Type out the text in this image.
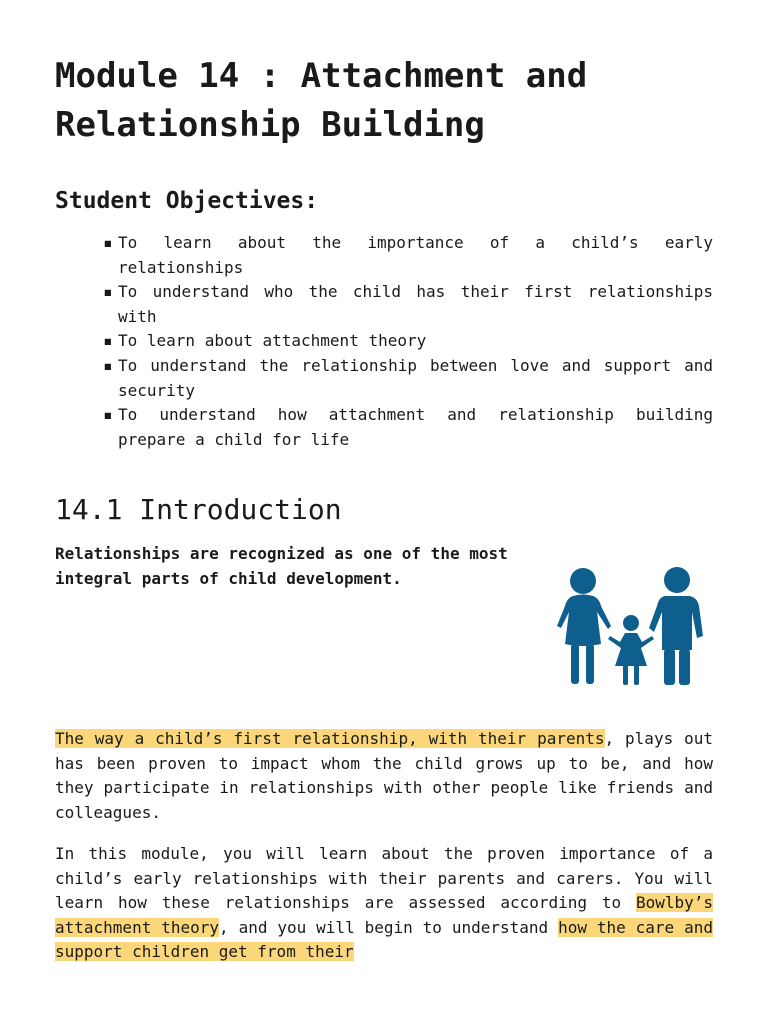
Module 14 : Attachment and
Relationship Building
Student Objectives:
▪ To learn about the importance of a child’s early relationships
▪ To understand who the child has their first relationships with
▪ To learn about attachment theory
▪ To understand the relationship between love and support and security
▪ To understand how attachment and relationship building prepare a child for life
14.1 Introduction

Relationships are recognized as one of the most integral parts of child development.

The way a child’s first relationship, with their parents, plays out has been proven to impact whom the child grows up to be, and how they participate in relationships with other people like friends and colleagues.

In this module, you will learn about the proven importance of a child’s early relationships with their parents and carers. You will learn how these relationships are assessed according to Bowlby’s attachment theory, and you will begin to understand how the care and support children get from their
